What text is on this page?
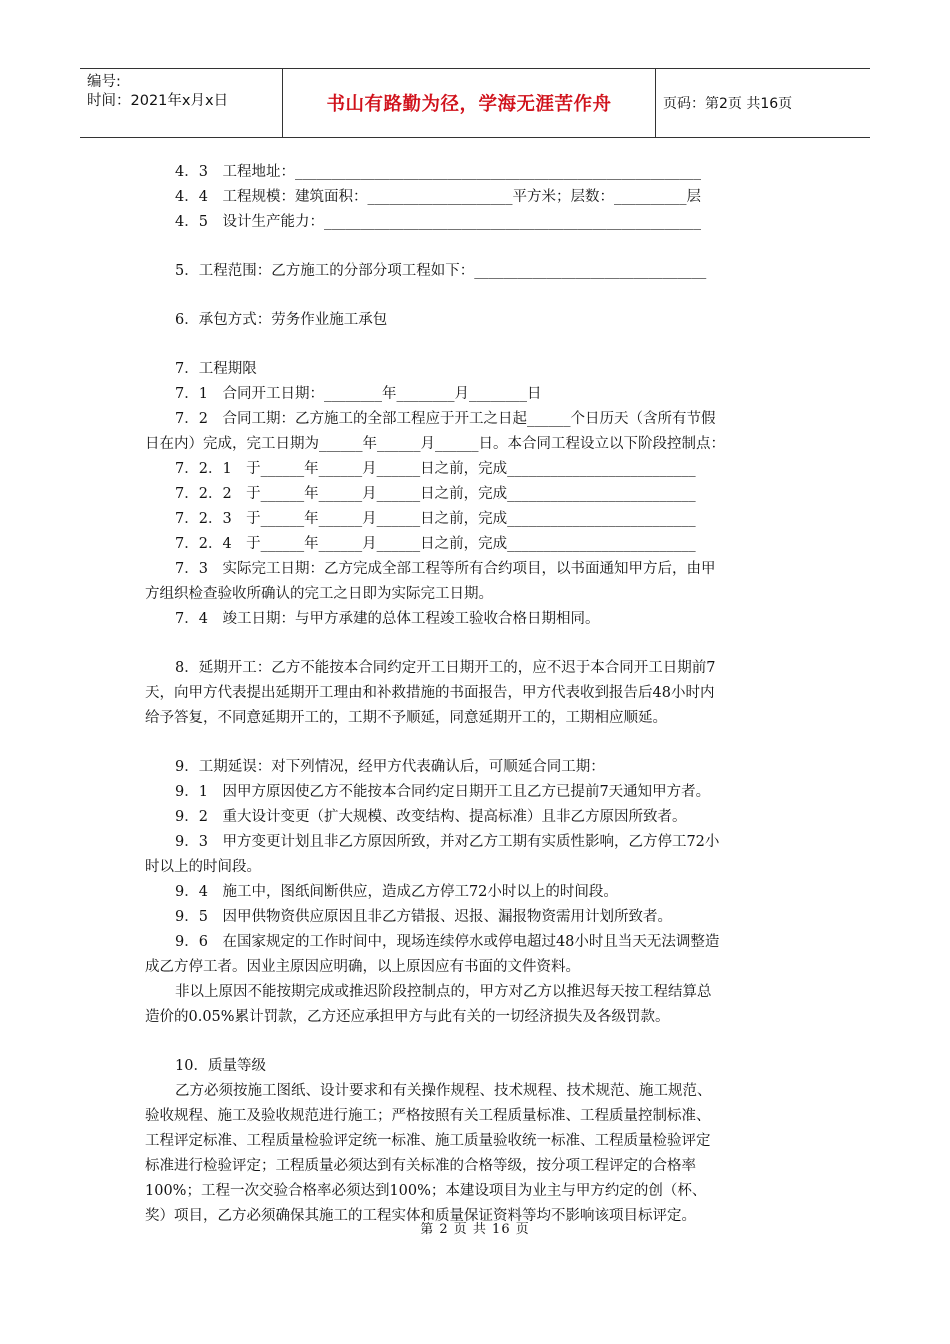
编号:
时间：2021年x月x日	书山有路勤为径，学海无涯苦作舟	页码：第2页 共16页

4．3　工程地址：________________________________________________________

4．4　工程规模：建筑面积：____________________平方米；层数：__________层

4．5　设计生产能力：____________________________________________________

5．工程范围：乙方施工的分部分项工程如下：________________________________

6．承包方式：劳务作业施工承包

7．工程期限

7．1　合同开工日期：________年________月________日

7．2　合同工期：乙方施工的全部工程应于开工之日起______个日历天（含所有节假

日在内）完成，完工日期为______年______月______日。本合同工程设立以下阶段控制点：

7．2．1　于______年______月______日之前，完成__________________________

7．2．2　于______年______月______日之前，完成__________________________

7．2．3　于______年______月______日之前，完成__________________________

7．2．4　于______年______月______日之前，完成__________________________

7．3　实际完工日期：乙方完成全部工程等所有合约项目，以书面通知甲方后，由甲

方组织检查验收所确认的完工之日即为实际完工日期。

7．4　竣工日期：与甲方承建的总体工程竣工验收合格日期相同。

8．延期开工：乙方不能按本合同约定开工日期开工的，应不迟于本合同开工日期前7

天，向甲方代表提出延期开工理由和补救措施的书面报告，甲方代表收到报告后48小时内

给予答复，不同意延期开工的，工期不予顺延，同意延期开工的，工期相应顺延。

9．工期延误：对下列情况，经甲方代表确认后，可顺延合同工期：

9．1　因甲方原因使乙方不能按本合同约定日期开工且乙方已提前7天通知甲方者。

9．2　重大设计变更（扩大规模、改变结构、提高标准）且非乙方原因所致者。

9．3　甲方变更计划且非乙方原因所致，并对乙方工期有实质性影响，乙方停工72小

时以上的时间段。

9．4　施工中，图纸间断供应，造成乙方停工72小时以上的时间段。

9．5　因甲供物资供应原因且非乙方错报、迟报、漏报物资需用计划所致者。

9．6　在国家规定的工作时间中，现场连续停水或停电超过48小时且当天无法调整造

成乙方停工者。因业主原因应明确，以上原因应有书面的文件资料。

非以上原因不能按期完成或推迟阶段控制点的，甲方对乙方以推迟每天按工程结算总

造价的0.05%累计罚款，乙方还应承担甲方与此有关的一切经济损失及各级罚款。

10．质量等级

乙方必须按施工图纸、设计要求和有关操作规程、技术规程、技术规范、施工规范、

验收规程、施工及验收规范进行施工；严格按照有关工程质量标准、工程质量控制标准、

工程评定标准、工程质量检验评定统一标准、施工质量验收统一标准、工程质量检验评定

标准进行检验评定；工程质量必须达到有关标准的合格等级，按分项工程评定的合格率

100%；工程一次交验合格率必须达到100%；本建设项目为业主与甲方约定的创（杯、

奖）项目，乙方必须确保其施工的工程实体和质量保证资料等均不影响该项目标评定。

第 2 页 共 16 页
